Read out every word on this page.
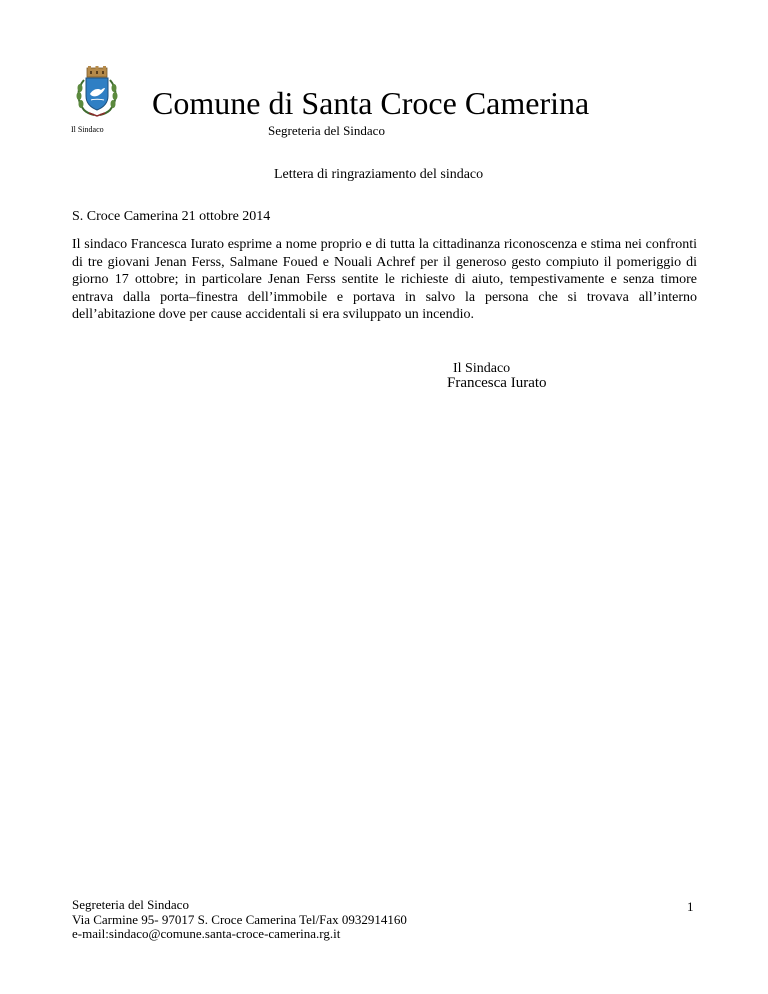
Il Sindaco
Comune di Santa Croce Camerina
Segreteria del Sindaco
Lettera di ringraziamento del sindaco
S. Croce Camerina 21 ottobre 2014
Il sindaco Francesca Iurato esprime a nome proprio e di tutta la cittadinanza riconoscenza e stima nei confronti di tre giovani Jenan Ferss, Salmane Foued e Nouali Achref per il generoso gesto compiuto il pomeriggio di giorno 17 ottobre; in particolare Jenan Ferss sentite le richieste di aiuto, tempestivamente e senza timore entrava dalla porta–finestra dell’immobile e portava in salvo la persona che si trovava all’interno dell’abitazione dove per cause accidentali si era sviluppato un incendio.
Il Sindaco
Francesca Iurato
Segreteria del Sindaco
Via Carmine 95- 97017 S. Croce Camerina Tel/Fax 0932914160
e-mail:sindaco@comune.santa-croce-camerina.rg.it
1
